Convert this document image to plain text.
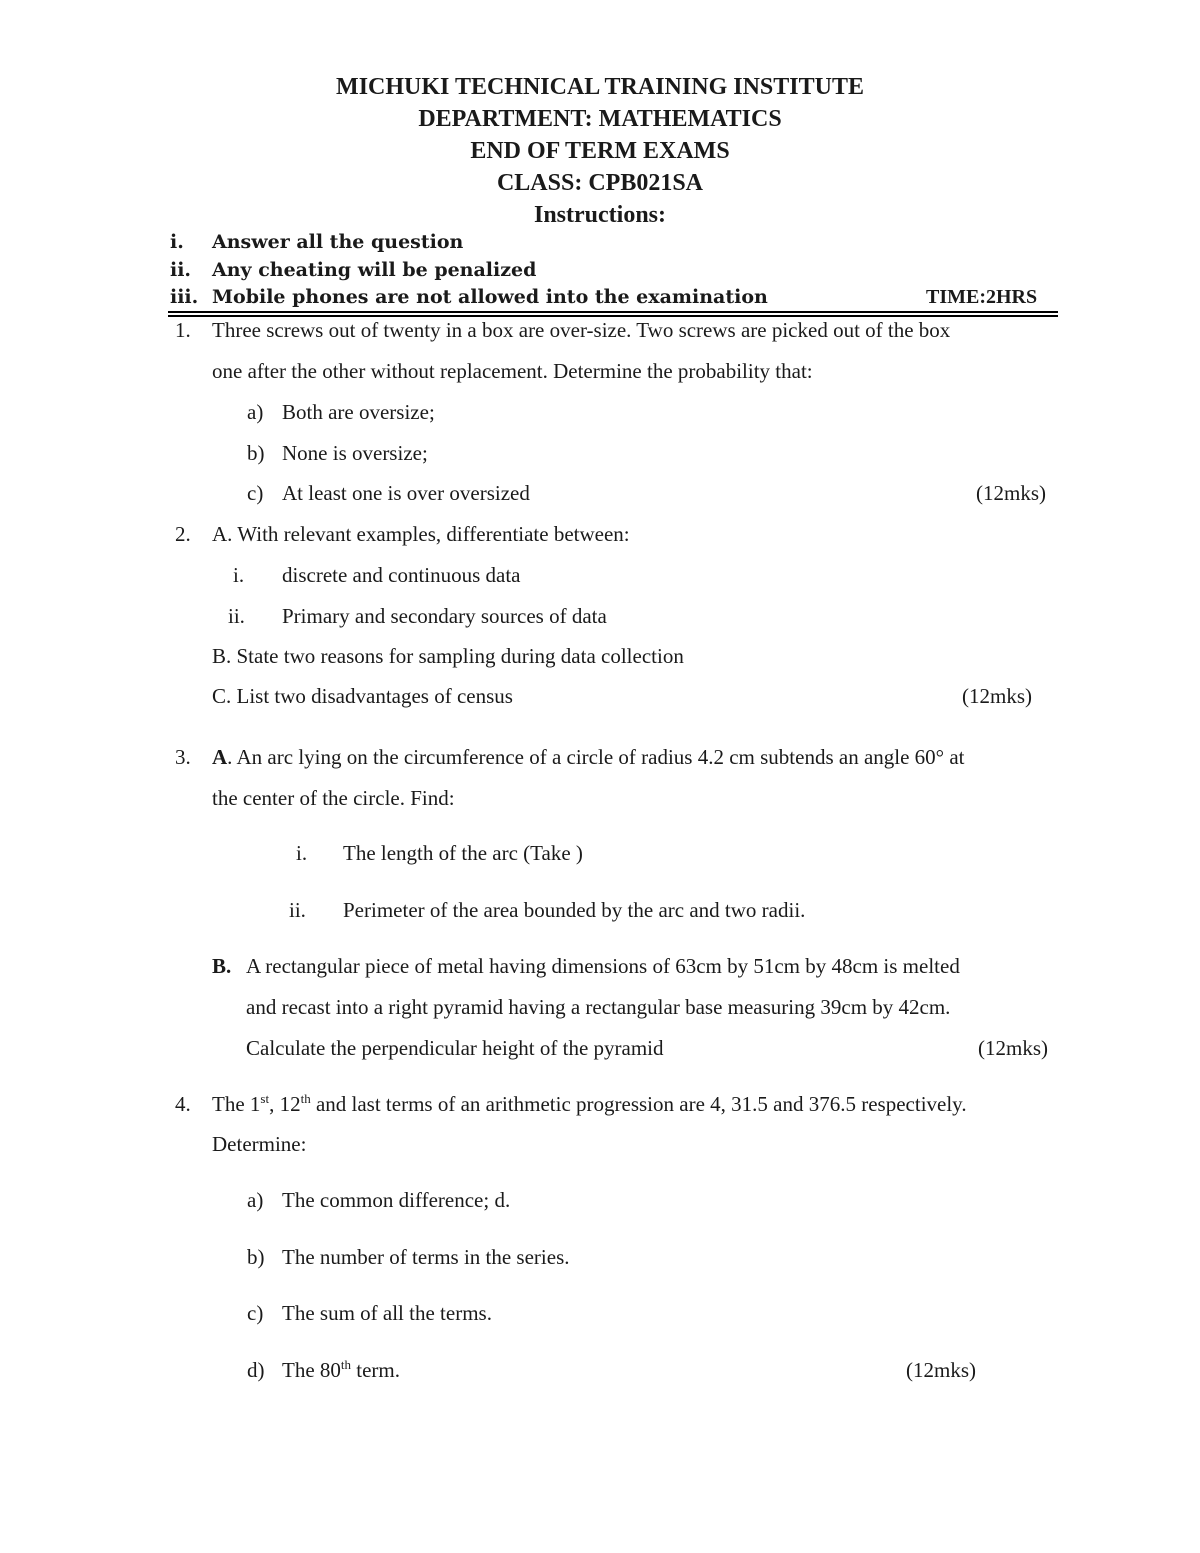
MICHUKI TECHNICAL TRAINING INSTITUTE
DEPARTMENT: MATHEMATICS
END OF TERM EXAMS
CLASS: CPB021SA
Instructions:
i. Answer all the question
ii. Any cheating will be penalized
iii. Mobile phones are not allowed into the examination	TIME:2HRS
1. Three screws out of twenty in a box are over-size. Two screws are picked out of the box
one after the other without replacement. Determine the probability that:
a) Both are oversize;
b) None is oversize;
c) At least one is over oversized	(12mks)
2. A. With relevant examples, differentiate between:
i. discrete and continuous data
ii. Primary and secondary sources of data
B. State two reasons for sampling during data collection
C. List two disadvantages of census	(12mks)
3. A. An arc lying on the circumference of a circle of radius 4.2 cm subtends an angle 60° at
the center of the circle. Find:
i. The length of the arc (Take )
ii. Perimeter of the area bounded by the arc and two radii.
B. A rectangular piece of metal having dimensions of 63cm by 51cm by 48cm is melted
and recast into a right pyramid having a rectangular base measuring 39cm by 42cm.
Calculate the perpendicular height of the pyramid	(12mks)
4. The 1st, 12th and last terms of an arithmetic progression are 4, 31.5 and 376.5 respectively.
Determine:
a) The common difference; d.
b) The number of terms in the series.
c) The sum of all the terms.
d) The 80th term.	(12mks)
